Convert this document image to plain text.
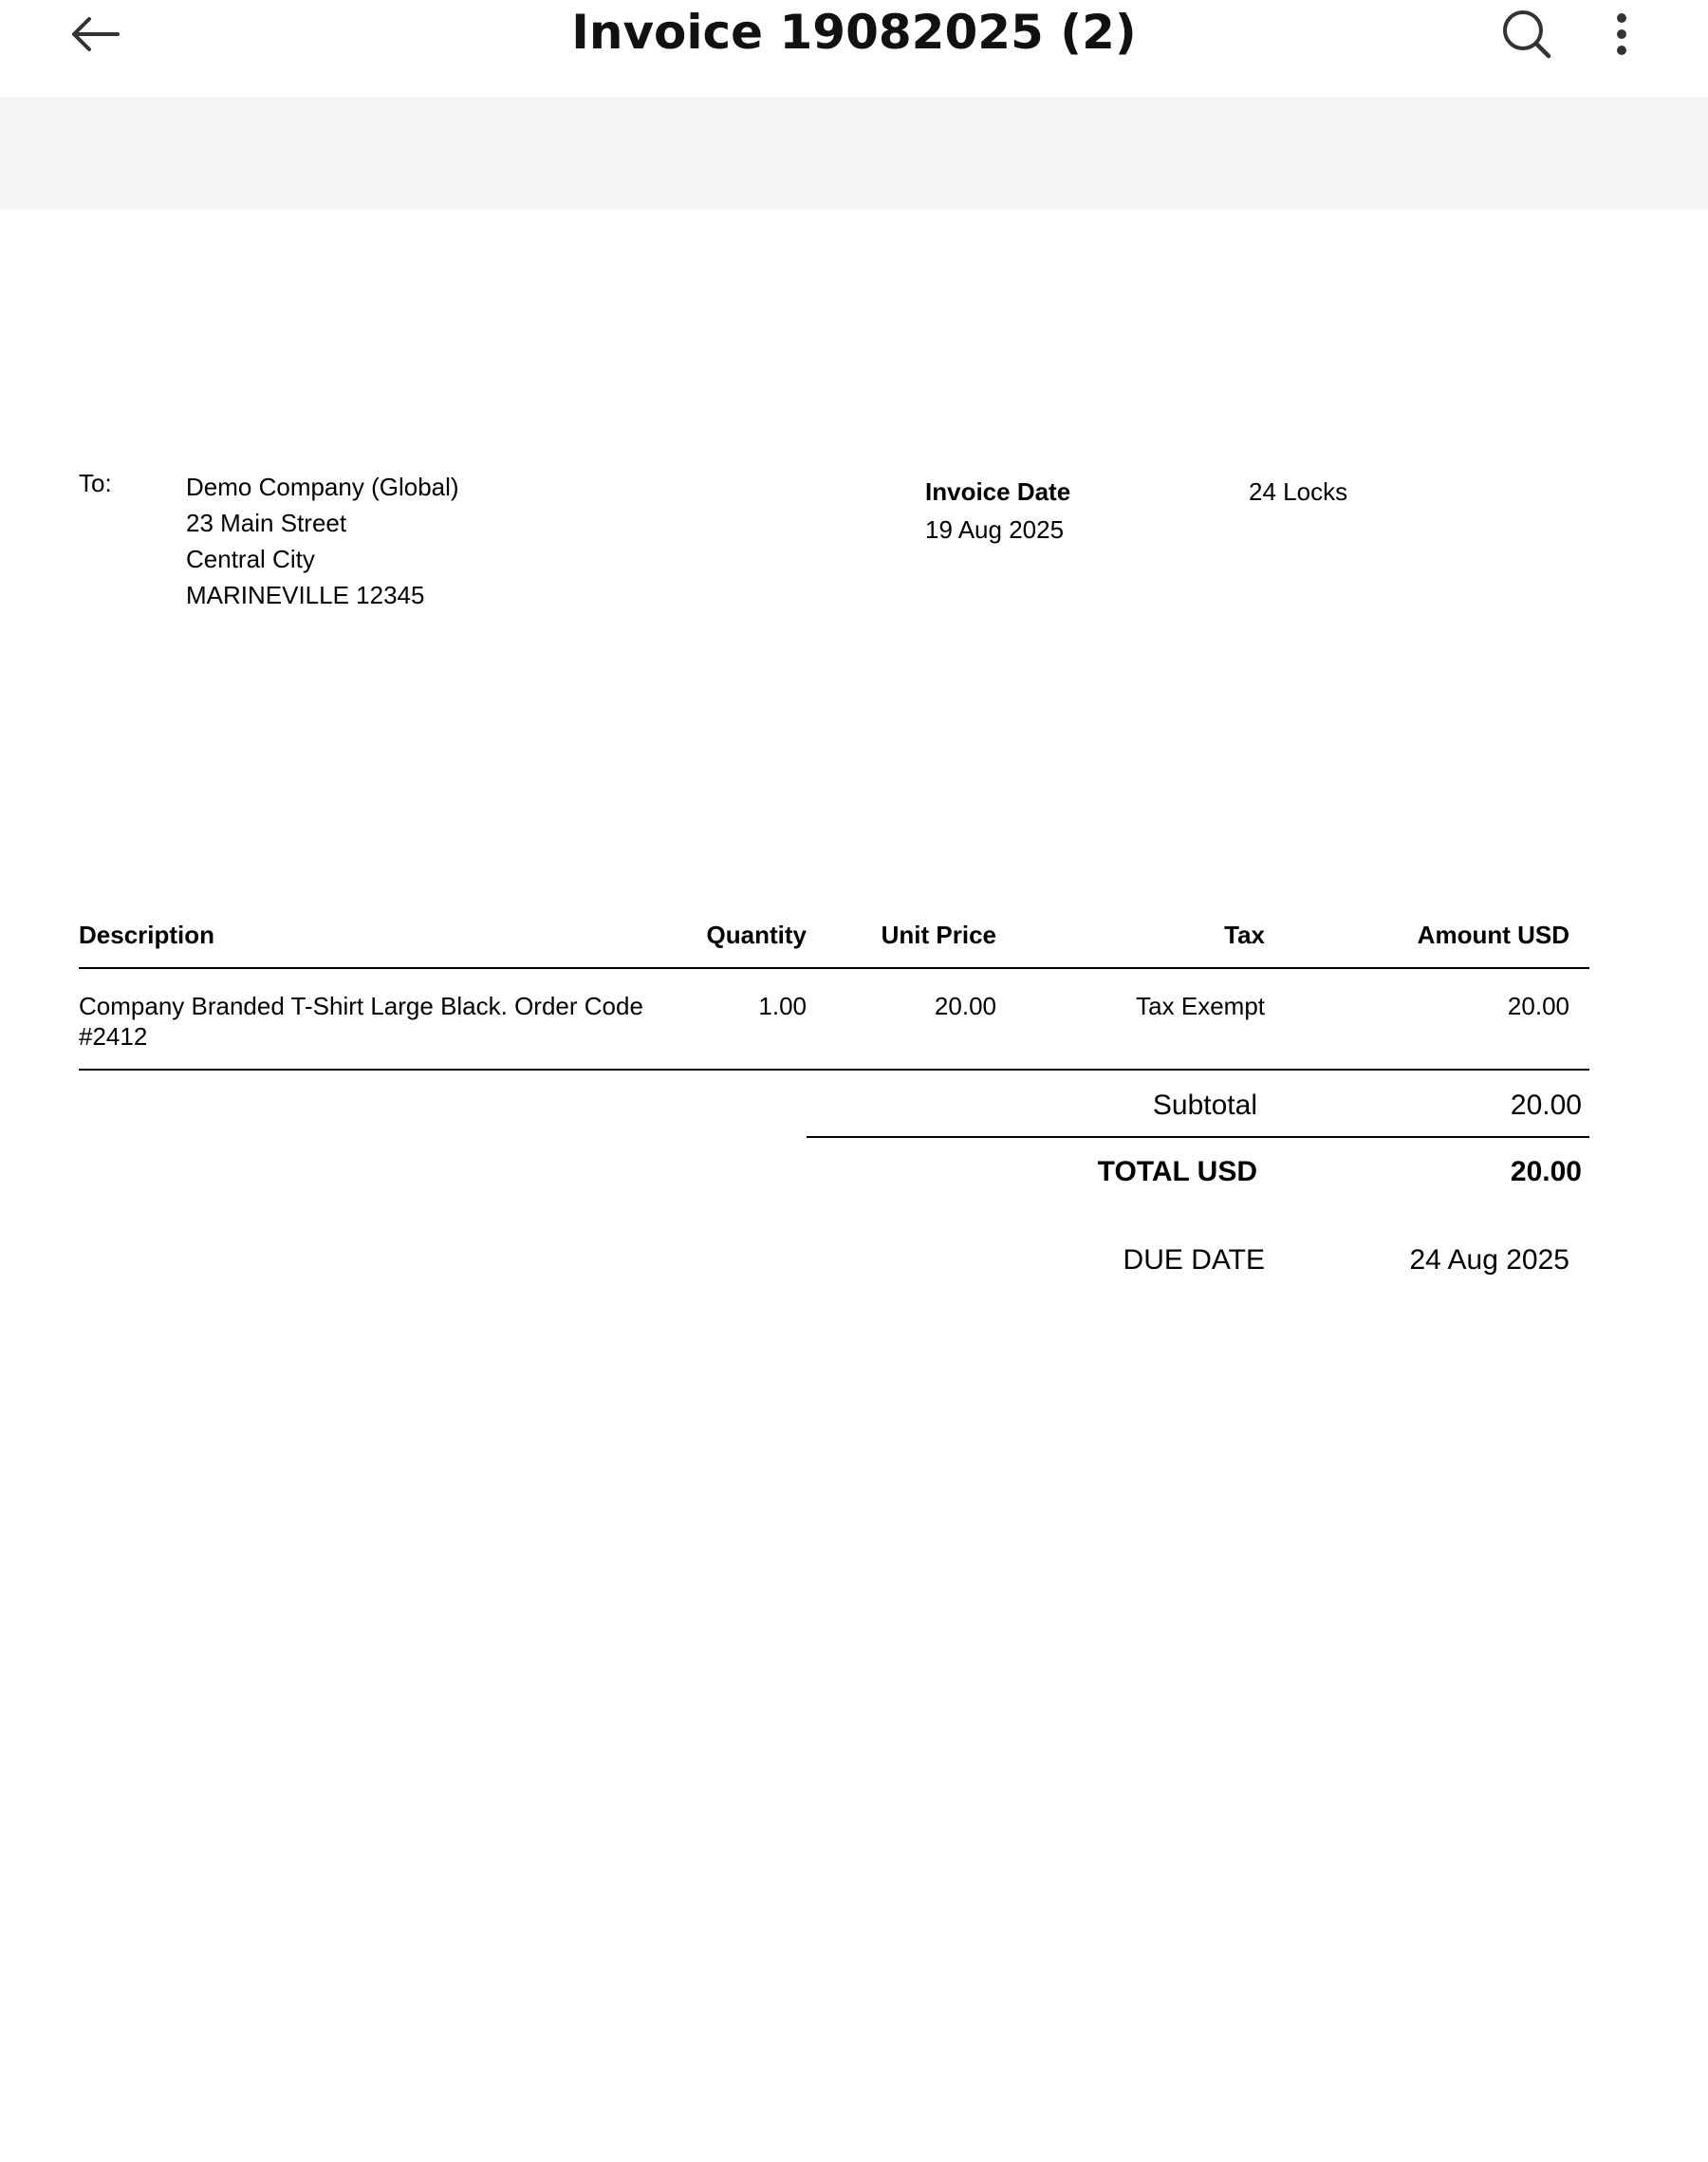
Invoice 19082025 (2)
To:	Demo Company (Global)
23 Main Street
Central City
MARINEVILLE 12345
Invoice Date
19 Aug 2025
24 Locks
Description	Quantity	Unit Price	Tax	Amount USD
Company Branded T-Shirt Large Black. Order Code
#2412
1.00	20.00	Tax Exempt	20.00
Subtotal	20.00
TOTAL USD	20.00
DUE DATE	24 Aug 2025
